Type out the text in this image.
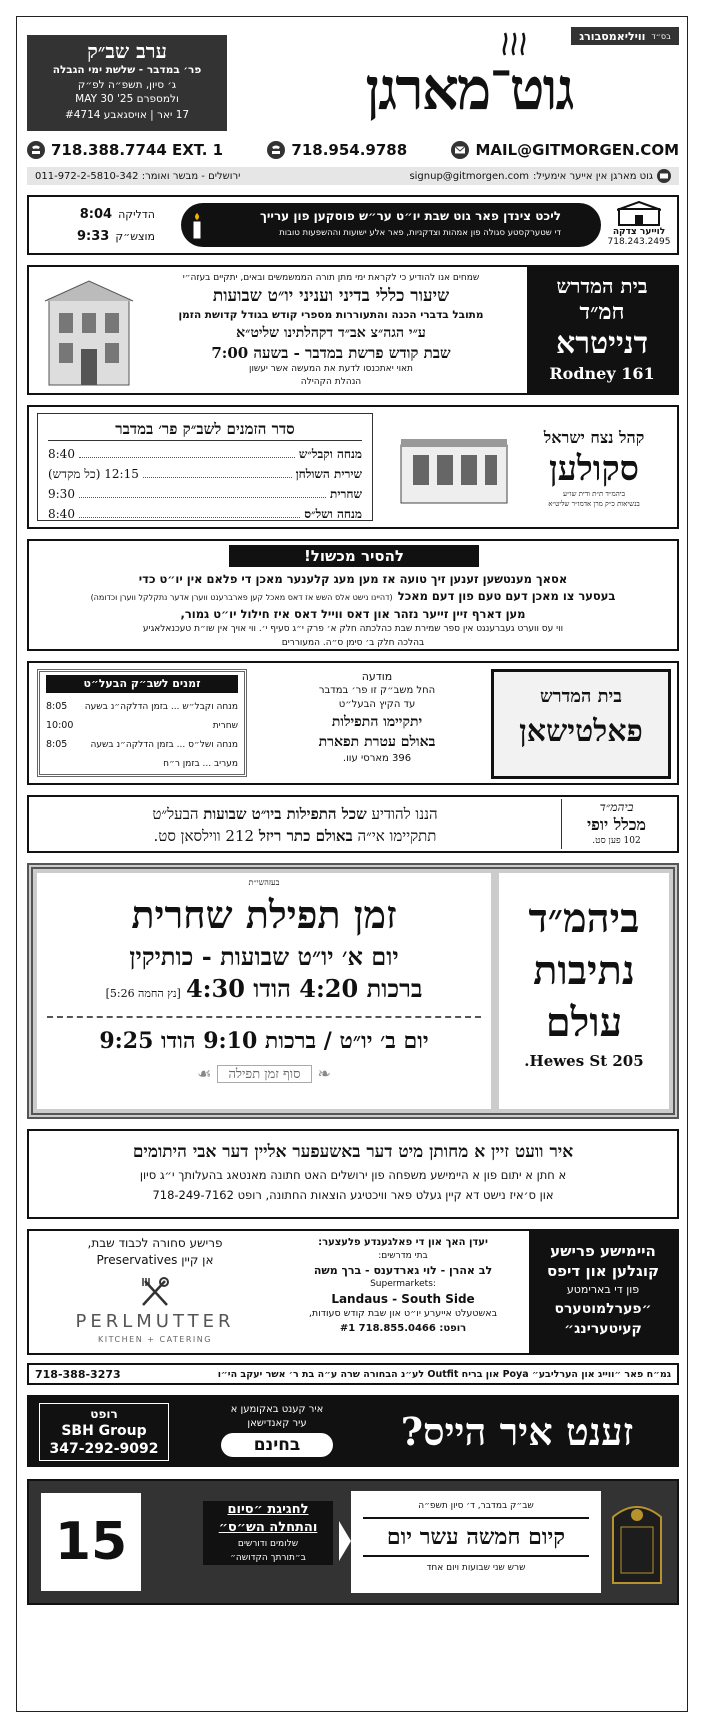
בס״ד
וויליאמסבורג
גוט־מארגן
ערב שב״ק
פר׳ במדבר - שלשת ימי הגבלה
ג׳ סיון, תשפ״ה לפ״ק
ולמספרם MAY 30 '25
17 יאר | אויסגאבע #4714
718.388.7744 EXT. 1	718.954.9788	MAIL@GITMORGEN.COM
גוט מארגן אין אייער אימעיל:
signup@gitmorgen.com
ירושלים - מבשר ואומר: 011-972-2-5810-342
לוייער צדקה
718.243.2495
ליכט צינדן פאר גוט שבת יו״ט ער״ש פוסקען פון ערייך
די שטערקסטע סגולה פון אמהות וצדקניות, פאר אלע ישועות וההשפעות טובות
הדליקה
8:04
מוצש״ק
9:33
בית המדרש
חמ״ד
דנייטרא
161 Rodney
שמחים אנו להודיע כי לקראת ימי מתן תורה הממשמשים ובאים, יתקיים בעזה״י
שיעור כללי בדיני ועניני יו״ט שבועות
מתובל בדברי הכנה והתעוררות מספרי קודש בגודל קדושת הזמן
ע״י הגה״צ אב״ד דקהלתינו שליט״א
שבת קודש פרשת במדבר - בשעה 7:00
תאוי יאתכנסו לדעת את המעשה אשר יעשון
הנהלת הקהילה
קהל נצח ישראל
סקולען
ביהמ״ד ת״ת ודית שו״ע
בנשיאות כ״ק מרן אדמו״ר שליט״א
סדר הזמנים לשב״ק פר׳ במדבר
מנחה וקבל״ש
8:40
שירית השולחן
12:15 (כל מקדש)
שחרית
9:30
מנחה ושל״ס
8:40
להסיר מכשול!
אסאך מענטשען זענען זיך טועה אז מען מעג קלענער מאכן די פלאם אין יו״ט כדי
בעסער צו מאכן דעם טעם פון דעם מאכל (דהיינו נישט אלס השש אז דאס מאכל קען פארברענט ווערן אדער נתקלקל ווערן וכדומה)
מען דארף זיין זייער נזהר און דאס ווייל דאס איז חילול יו״ט גמור,
ווי עס ווערט געברענגט אין ספר שמירת שבת כהלכתה חלק א׳ פרק י״ג סעיף י׳. ווי אויך אין שו״ת טעכנאלאגיע
בהלכה חלק ב׳ סימן ס״ה. המעוררים
בית המדרש
פאלטישאן
מודעה
החל משב״ק זו פר׳ במדבר
עד הקיץ הבעל״ט
יתקיימו התפילות
באולם עטרת תפארת
396 מארסי עוו.
זמנים לשב״ק הבעל״ט
מנחה וקבל״ש ... בזמן הדלקה״נ בשעה
8:05
שחרית
10:00
מנחה ושל״ס ... בזמן הדלקה״נ בשעה
8:05
מעריב ... בזמן ר״ח
ביהמ״ד
מכלל יופי
102 פען סט.
הננו להודיע שכל התפילות ביו״ט שבועות הבעל״ט
תתקיימו אי״ה באולם כתר ריזל 212 ווילסאן סט.
ביהמ״ד
נתיבות
עולם
205 Hewes St.
בעזהשי״ת
זמן תפילת שחרית
יום א׳ יו״ט שבועות - כותיקין
ברכות 4:20 הודו 4:30 [נץ החמה 5:26]
יום ב׳ יו״ט / ברכות 9:10 הודו 9:25
❧
סוף זמן תפילה
☙
איר וועט זיין א מחותן מיט דער באשעפער אליין דער אבי היתומים
א חתן א יתום פון א היימישע משפחה פון ירושלים האט חתונה מאנטאג בהעלותך י״ג סיון
און ס׳איז נישט דא קיין געלט פאר וויכטיגע הוצאות החתונה, רופט 718-249-7162
היימישע פרישע
קוגלען און דיפס
פון די בארימטע
״פערלמוטערס
קעיטערינג״
יעדן האך און די פאלגענדע פלעצער:
בתי מדרשים:
לב אהרן - לוי גארדענס - ברך משה
Supermarkets:
Landaus - South Side
באשטעלט אייערע יו״ט און שבת קודש סעודות,
רופט: 718.855.0466 #1
פרישע סחורה לכבוד שבת,
אן קיין Preservatives
PERLMUTTER
KITCHEN + CATERING
גמ״ח פאר ״ווייג און הערליבע״ Poya און בריח Outfit לע״נ הבחורה שרה ע״ה בת ר׳ אשר יעקב הי״ו
718-388-3273
זענט איר הייס?
איר קענט באקומען א
עיר קאנדישאן
בחינם
רופט
SBH Group
347-292-9092
שב״ק במדבר, ד׳ סיון תשפ״ה
קיום חמשה עשר יום
שרש שני שבועות ויום אחד
לחגיגת ״סיום
והתחלה הש״ס״
שלומים ודורשים
ב״תורתך הקדושה״
15
